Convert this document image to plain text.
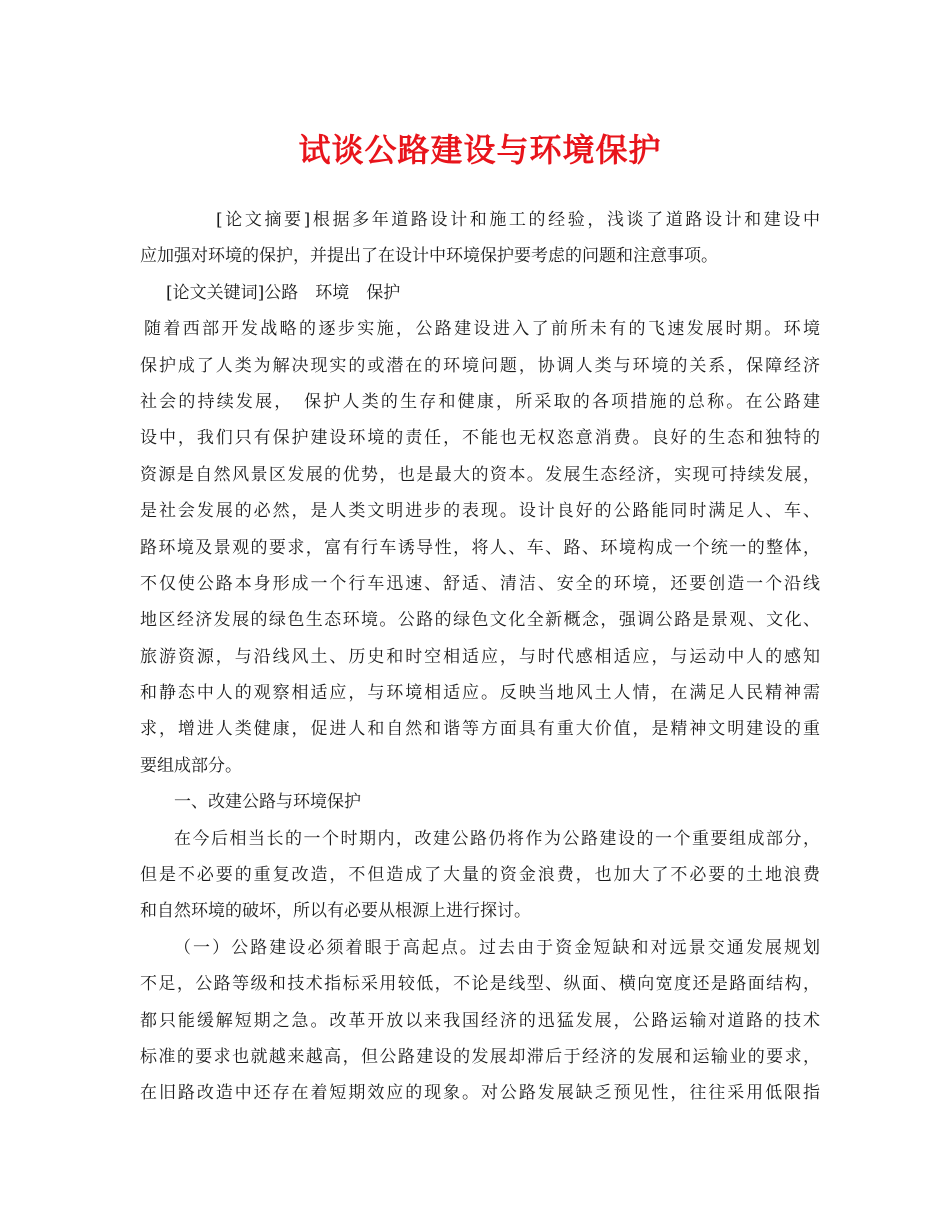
试谈公路建设与环境保护
[论文摘要]根据多年道路设计和施工的经验，浅谈了道路设计和建设中
应加强对环境的保护，并提出了在设计中环境保护要考虑的问题和注意事项。
[论文关键词]公路　环境　保护
随着西部开发战略的逐步实施，公路建设进入了前所未有的飞速发展时期。环境
保护成了人类为解决现实的或潜在的环境问题，协调人类与环境的关系，保障经济
社会的持续发展，　保护人类的生存和健康，所采取的各项措施的总称。在公路建
设中，我们只有保护建设环境的责任，不能也无权恣意消费。良好的生态和独特的
资源是自然风景区发展的优势，也是最大的资本。发展生态经济，实现可持续发展，
是社会发展的必然，是人类文明进步的表现。设计良好的公路能同时满足人、车、
路环境及景观的要求，富有行车诱导性，将人、车、路、环境构成一个统一的整体，
不仅使公路本身形成一个行车迅速、舒适、清洁、安全的环境，还要创造一个沿线
地区经济发展的绿色生态环境。公路的绿色文化全新概念，强调公路是景观、文化、
旅游资源，与沿线风土、历史和时空相适应，与时代感相适应，与运动中人的感知
和静态中人的观察相适应，与环境相适应。反映当地风土人情，在满足人民精神需
求，增进人类健康，促进人和自然和谐等方面具有重大价值，是精神文明建设的重
要组成部分。
一、改建公路与环境保护
在今后相当长的一个时期内，改建公路仍将作为公路建设的一个重要组成部分，
但是不必要的重复改造，不但造成了大量的资金浪费，也加大了不必要的土地浪费
和自然环境的破坏，所以有必要从根源上进行探讨。
（一）公路建设必须着眼于高起点。过去由于资金短缺和对远景交通发展规划
不足，公路等级和技术指标采用较低，不论是线型、纵面、横向宽度还是路面结构，
都只能缓解短期之急。改革开放以来我国经济的迅猛发展，公路运输对道路的技术
标准的要求也就越来越高，但公路建设的发展却滞后于经济的发展和运输业的要求，
在旧路改造中还存在着短期效应的现象。对公路发展缺乏预见性，往往采用低限指
